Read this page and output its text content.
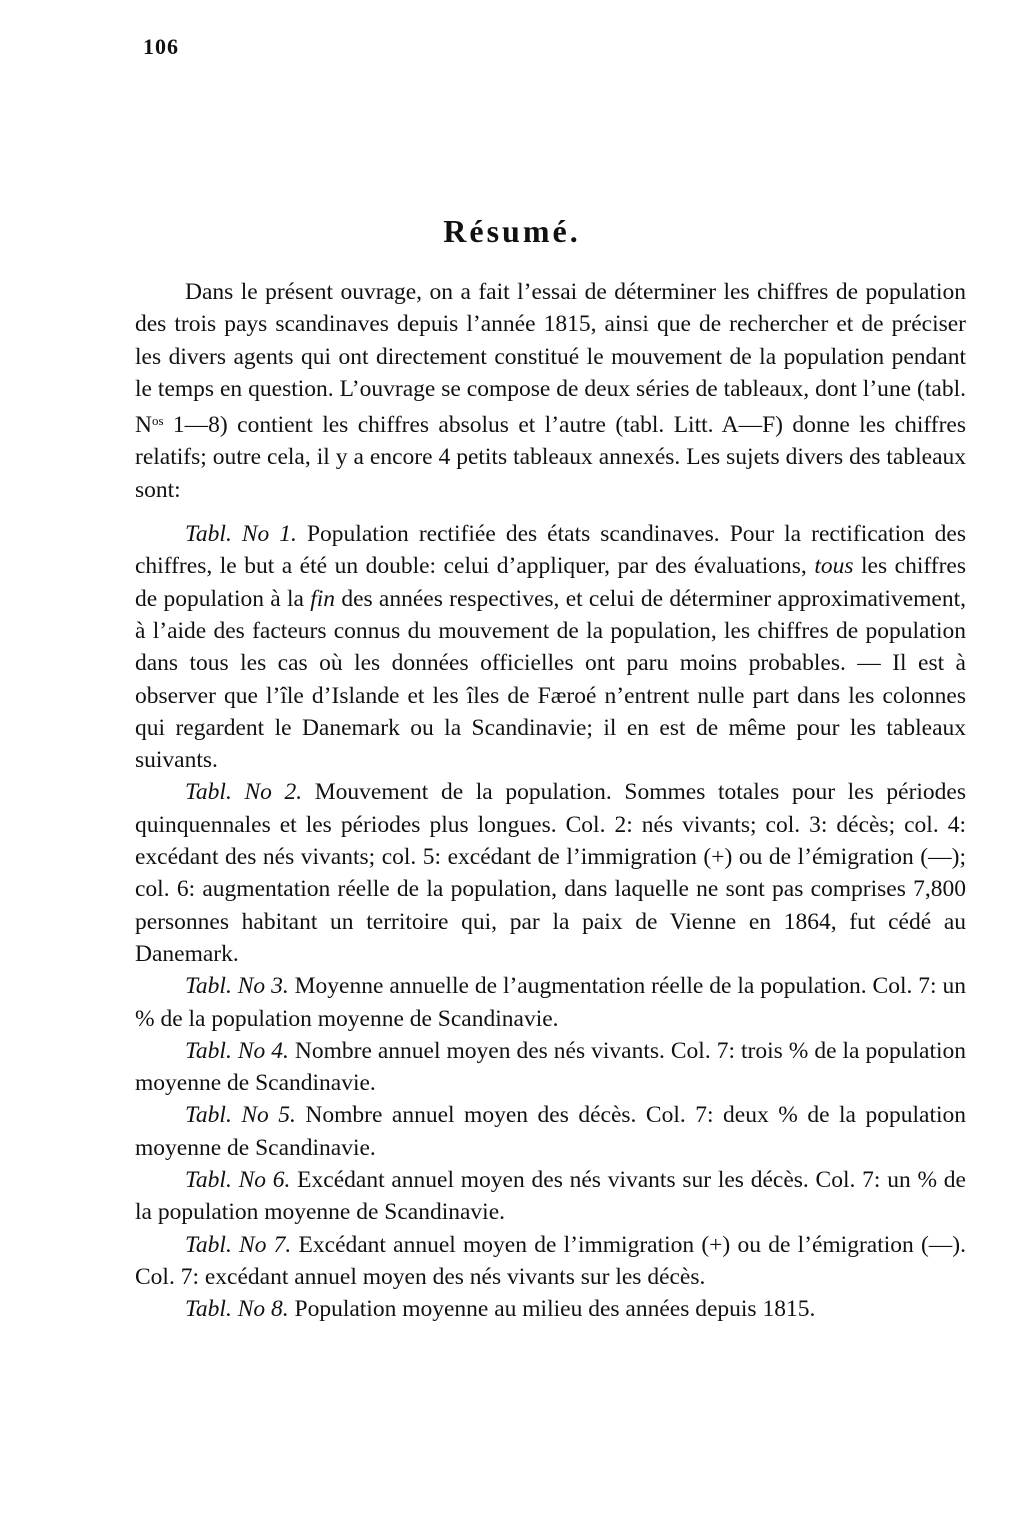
106
Résumé.

Dans le présent ouvrage, on a fait l’essai de déterminer les chiffres de population des trois pays scandinaves depuis l’année 1815, ainsi que de rechercher et de préciser les divers agents qui ont directement constitué le mouvement de la population pendant le temps en question. L’ouvrage se compose de deux séries de tableaux, dont l’une (tabl. $N^{os}$ 1—8) contient les chiffres absolus et l’autre (tabl. Litt. A—F) donne les chiffres relatifs; outre cela, il y a encore 4 petits tableaux annexés. Les sujets divers des tableaux sont:

Tabl. No 1. Population rectifiée des états scandinaves. Pour la rectification des chiffres, le but a été un double: celui d’appliquer, par des évaluations, tous les chiffres de population à la fin des années respectives, et celui de déterminer approximativement, à l’aide des facteurs connus du mouvement de la population, les chiffres de population dans tous les cas où les données officielles ont paru moins probables. — Il est à observer que l’île d’Islande et les îles de Færoé n’entrent nulle part dans les colonnes qui regardent le Danemark ou la Scandinavie; il en est de même pour les tableaux suivants.

Tabl. No 2. Mouvement de la population. Sommes totales pour les périodes quinquennales et les périodes plus longues. Col. 2: nés vivants; col. 3: décès; col. 4: excédant des nés vivants; col. 5: excédant de l’immigration (+) ou de l’émigration (—); col. 6: augmentation réelle de la population, dans laquelle ne sont pas comprises 7,800 personnes habitant un territoire qui, par la paix de Vienne en 1864, fut cédé au Danemark.

Tabl. No 3. Moyenne annuelle de l’augmentation réelle de la population. Col. 7: un % de la population moyenne de Scandinavie.

Tabl. No 4. Nombre annuel moyen des nés vivants. Col. 7: trois % de la population moyenne de Scandinavie.

Tabl. No 5. Nombre annuel moyen des décès. Col. 7: deux % de la population moyenne de Scandinavie.

Tabl. No 6. Excédant annuel moyen des nés vivants sur les décès. Col. 7: un % de la population moyenne de Scandinavie.

Tabl. No 7. Excédant annuel moyen de l’immigration (+) ou de l’émigration (—). Col. 7: excédant annuel moyen des nés vivants sur les décès.

Tabl. No 8. Population moyenne au milieu des années depuis 1815.
